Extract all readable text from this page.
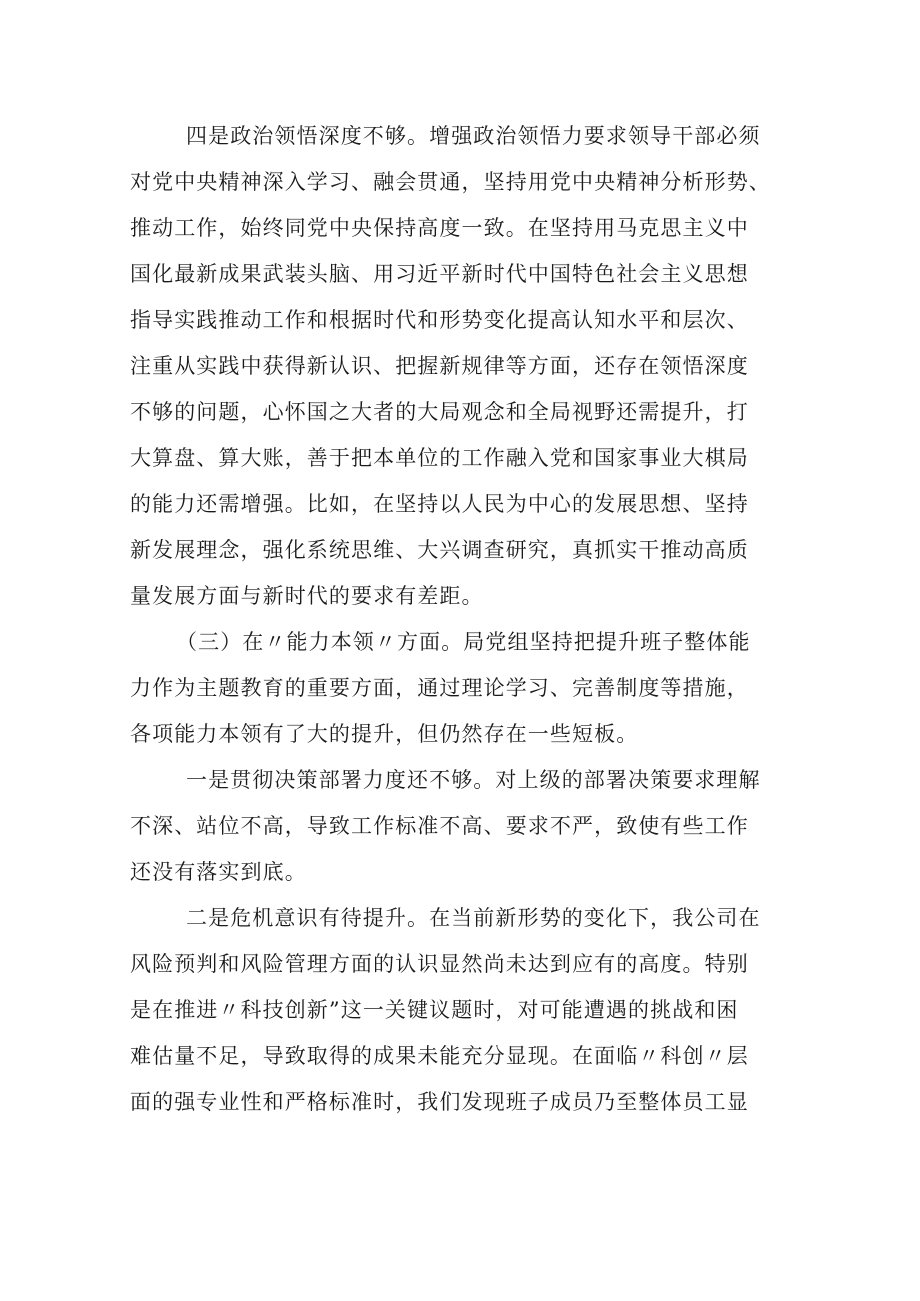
四是政治领悟深度不够。增强政治领悟力要求领导干部必须
对党中央精神深入学习、融会贯通，坚持用党中央精神分析形势、
推动工作，始终同党中央保持高度一致。在坚持用马克思主义中
国化最新成果武装头脑、用习近平新时代中国特色社会主义思想
指导实践推动工作和根据时代和形势变化提高认知水平和层次、
注重从实践中获得新认识、把握新规律等方面，还存在领悟深度
不够的问题，心怀国之大者的大局观念和全局视野还需提升，打
大算盘、算大账，善于把本单位的工作融入党和国家事业大棋局
的能力还需增强。比如，在坚持以人民为中心的发展思想、坚持
新发展理念，强化系统思维、大兴调查研究，真抓实干推动高质
量发展方面与新时代的要求有差距。
（三）在〃能力本领〃方面。局党组坚持把提升班子整体能
力作为主题教育的重要方面，通过理论学习、完善制度等措施，
各项能力本领有了大的提升，但仍然存在一些短板。
一是贯彻决策部署力度还不够。对上级的部署决策要求理解
不深、站位不高，导致工作标准不高、要求不严，致使有些工作
还没有落实到底。
二是危机意识有待提升。在当前新形势的变化下，我公司在
风险预判和风险管理方面的认识显然尚未达到应有的高度。特别
是在推进〃科技创新”这一关键议题时，对可能遭遇的挑战和困
难估量不足，导致取得的成果未能充分显现。在面临〃科创〃层
面的强专业性和严格标准时，我们发现班子成员乃至整体员工显
